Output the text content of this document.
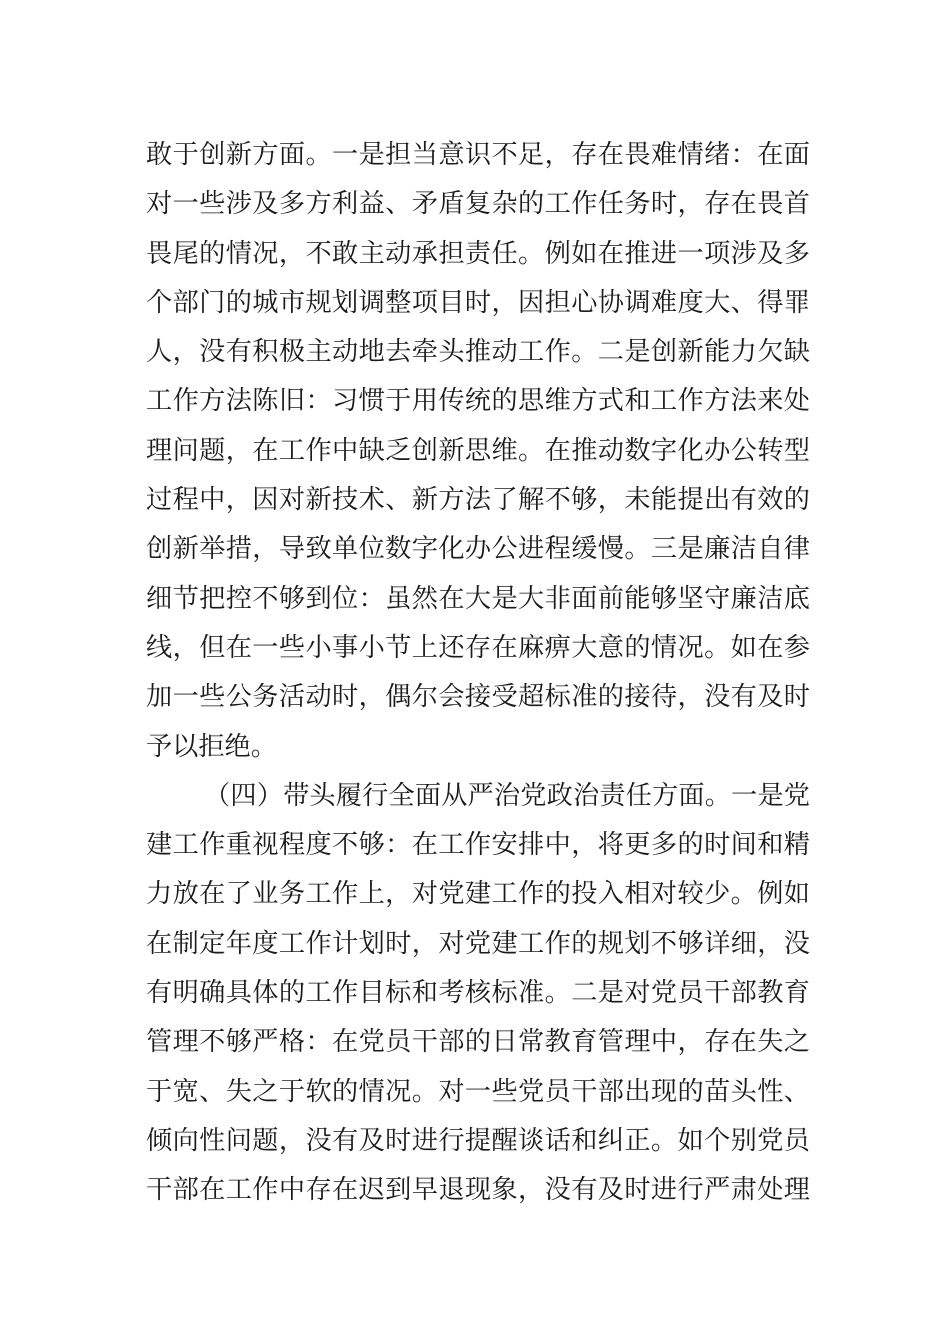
敢于创新方面。一是担当意识不足，存在畏难情绪：在面
对一些涉及多方利益、矛盾复杂的工作任务时，存在畏首
畏尾的情况，不敢主动承担责任。例如在推进一项涉及多
个部门的城市规划调整项目时，因担心协调难度大、得罪
人，没有积极主动地去牵头推动工作。二是创新能力欠缺
工作方法陈旧：习惯于用传统的思维方式和工作方法来处
理问题，在工作中缺乏创新思维。在推动数字化办公转型
过程中，因对新技术、新方法了解不够，未能提出有效的
创新举措，导致单位数字化办公进程缓慢。三是廉洁自律
细节把控不够到位：虽然在大是大非面前能够坚守廉洁底
线，但在一些小事小节上还存在麻痹大意的情况。如在参
加一些公务活动时，偶尔会接受超标准的接待，没有及时
予以拒绝。
（四）带头履行全面从严治党政治责任方面。一是党
建工作重视程度不够：在工作安排中，将更多的时间和精
力放在了业务工作上，对党建工作的投入相对较少。例如
在制定年度工作计划时，对党建工作的规划不够详细，没
有明确具体的工作目标和考核标准。二是对党员干部教育
管理不够严格：在党员干部的日常教育管理中，存在失之
于宽、失之于软的情况。对一些党员干部出现的苗头性、
倾向性问题，没有及时进行提醒谈话和纠正。如个别党员
干部在工作中存在迟到早退现象，没有及时进行严肃处理
